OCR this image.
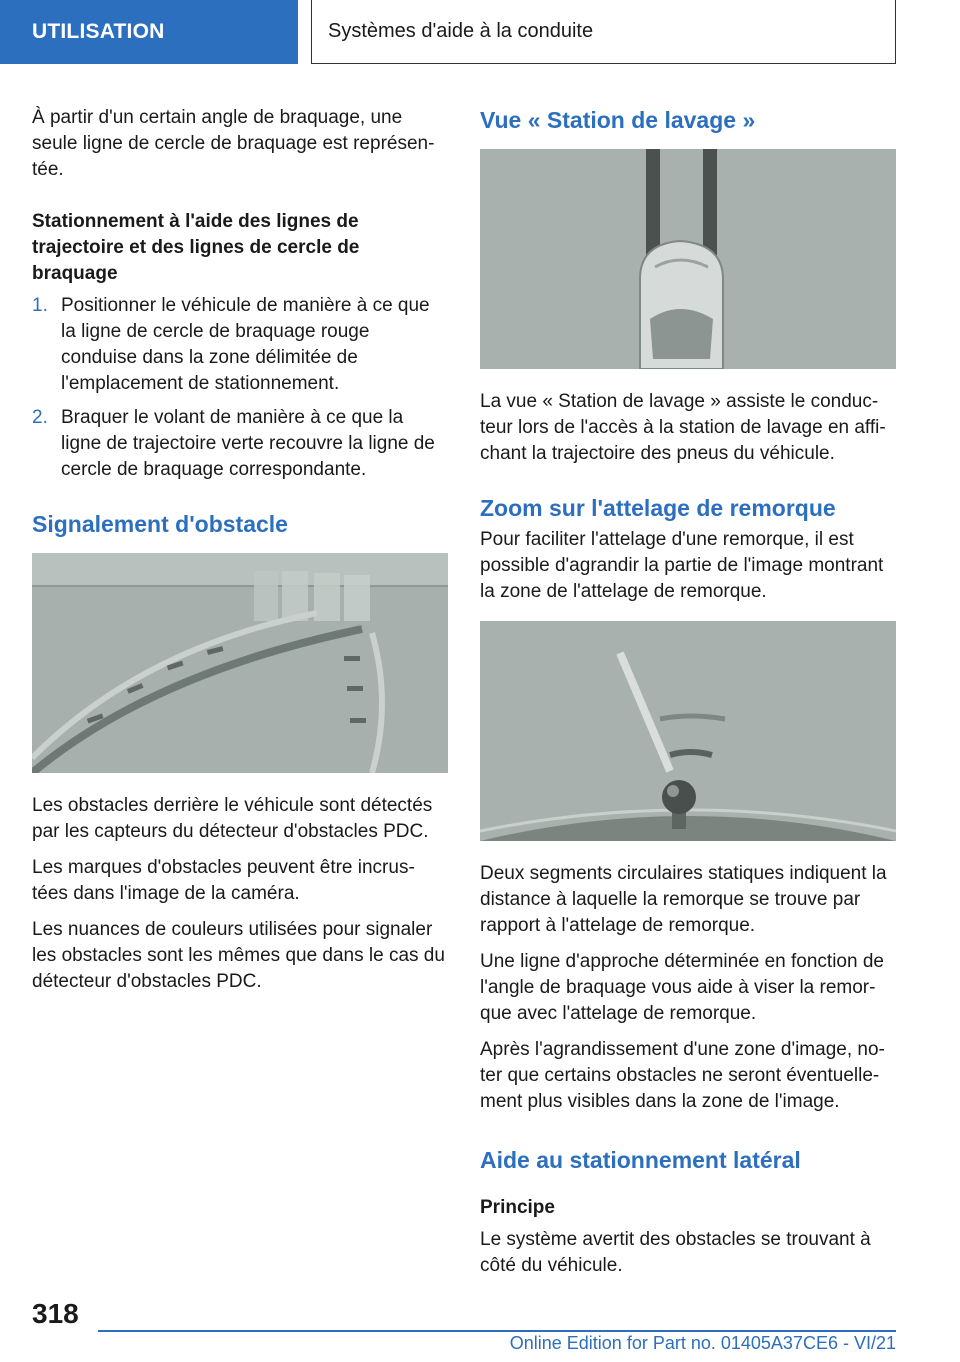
UTILISATION	Systèmes d'aide à la conduite

À partir d'un certain angle de braquage, une seule ligne de cercle de braquage est représen-tée.

Stationnement à l'aide des lignes de trajectoire et des lignes de cercle de braquage
1. Positionner le véhicule de manière à ce que la ligne de cercle de braquage rouge conduise dans la zone délimitée de l'emplacement de stationnement.
2. Braquer le volant de manière à ce que la ligne de trajectoire verte recouvre la ligne de cercle de braquage correspondante.
Signalement d'obstacle

Les obstacles derrière le véhicule sont détectés par les capteurs du détecteur d'obstacles PDC.

Les marques d'obstacles peuvent être incrus-tées dans l'image de la caméra.

Les nuances de couleurs utilisées pour signaler les obstacles sont les mêmes que dans le cas du détecteur d'obstacles PDC.

Vue « Station de lavage »

La vue « Station de lavage » assiste le conduc-teur lors de l'accès à la station de lavage en affi-chant la trajectoire des pneus du véhicule.

Zoom sur l'attelage de remorque

Pour faciliter l'attelage d'une remorque, il est possible d'agrandir la partie de l'image montrant la zone de l'attelage de remorque.

Deux segments circulaires statiques indiquent la distance à laquelle la remorque se trouve par rapport à l'attelage de remorque.

Une ligne d'approche déterminée en fonction de l'angle de braquage vous aide à viser la remor-que avec l'attelage de remorque.

Après l'agrandissement d'une zone d'image, no-ter que certains obstacles ne seront éventuelle-ment plus visibles dans la zone de l'image.

Aide au stationnement latéral
Principe

Le système avertit des obstacles se trouvant à côté du véhicule.

318
Online Edition for Part no. 01405A37CE6 - VI/21
